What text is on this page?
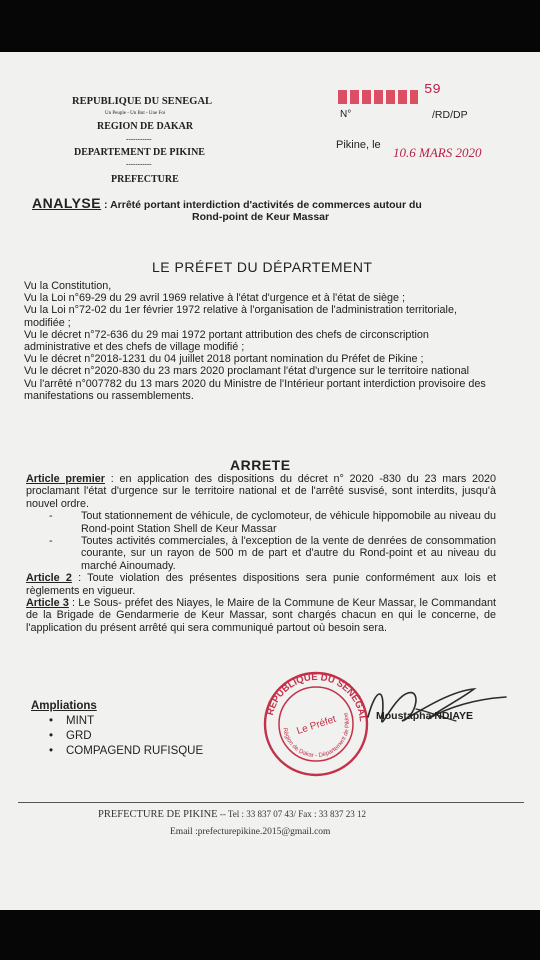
REPUBLIQUE DU SENEGAL
Un Peuple - Un But - Une Foi
REGION DE DAKAR
-----------
DEPARTEMENT DE PIKINE
-----------
PREFECTURE
59
N°	/RD/DP
Pikine, le 10.6 MARS 2020
ANALYSE : Arrêté portant interdiction d'activités de commerces autour du
Rond-point de Keur Massar
LE PRÉFET DU DÉPARTEMENT

Vu la Constitution,

Vu la Loi n°69-29 du 29 avril 1969 relative à l'état d'urgence et à l'état de siège ;

Vu la Loi n°72-02 du 1er février 1972 relative à l'organisation de l'administration territoriale, modifiée ;

Vu le décret n°72-636 du 29 mai 1972 portant attribution des chefs de circonscription administrative et des chefs de village modifié ;

Vu le décret n°2018-1231 du 04 juillet 2018 portant nomination du Préfet de Pikine ;

Vu le décret n°2020-830 du 23 mars 2020 proclamant l'état d'urgence sur le territoire national

Vu l'arrêté n°007782 du 13 mars 2020 du Ministre de l'Intérieur portant interdiction provisoire des manifestations ou rassemblements.

ARRETE

Article premier : en application des dispositions du décret n° 2020 -830 du 23 mars 2020 proclamant l'état d'urgence sur le territoire national et de l'arrêté susvisé, sont interdits, jusqu'à nouvel ordre.

-	Tout stationnement de véhicule, de cyclomoteur, de véhicule hippomobile au niveau du Rond-point Station Shell de Keur Massar

-	Toutes activités commerciales, à l'exception de la vente de denrées de consommation courante, sur un rayon de 500 m de part et d'autre du Rond-point et au niveau du marché Ainoumady.

Article 2 : Toute violation des présentes dispositions sera punie conformément aux lois et règlements en vigueur.

Article 3 : Le Sous- préfet des Niayes, le Maire de la Commune de Keur Massar, le Commandant de la Brigade de Gendarmerie de Keur Massar, sont chargés chacun en qui le concerne, de l'application du présent arrêté qui sera communiqué partout où besoin sera.

Ampliations
• MINT
• GRD
• COMPAGEND RUFISQUE
RÉPUBLIQUE DU SÉNÉGAL
Région de Dakar - Département de Pikine
Le Préfet	Moustapha NDIAYE
PREFECTURE DE PIKINE -- Tel : 33 837 07 43/ Fax : 33 837 23 12
Email :prefecturepikine.2015@gmail.com
